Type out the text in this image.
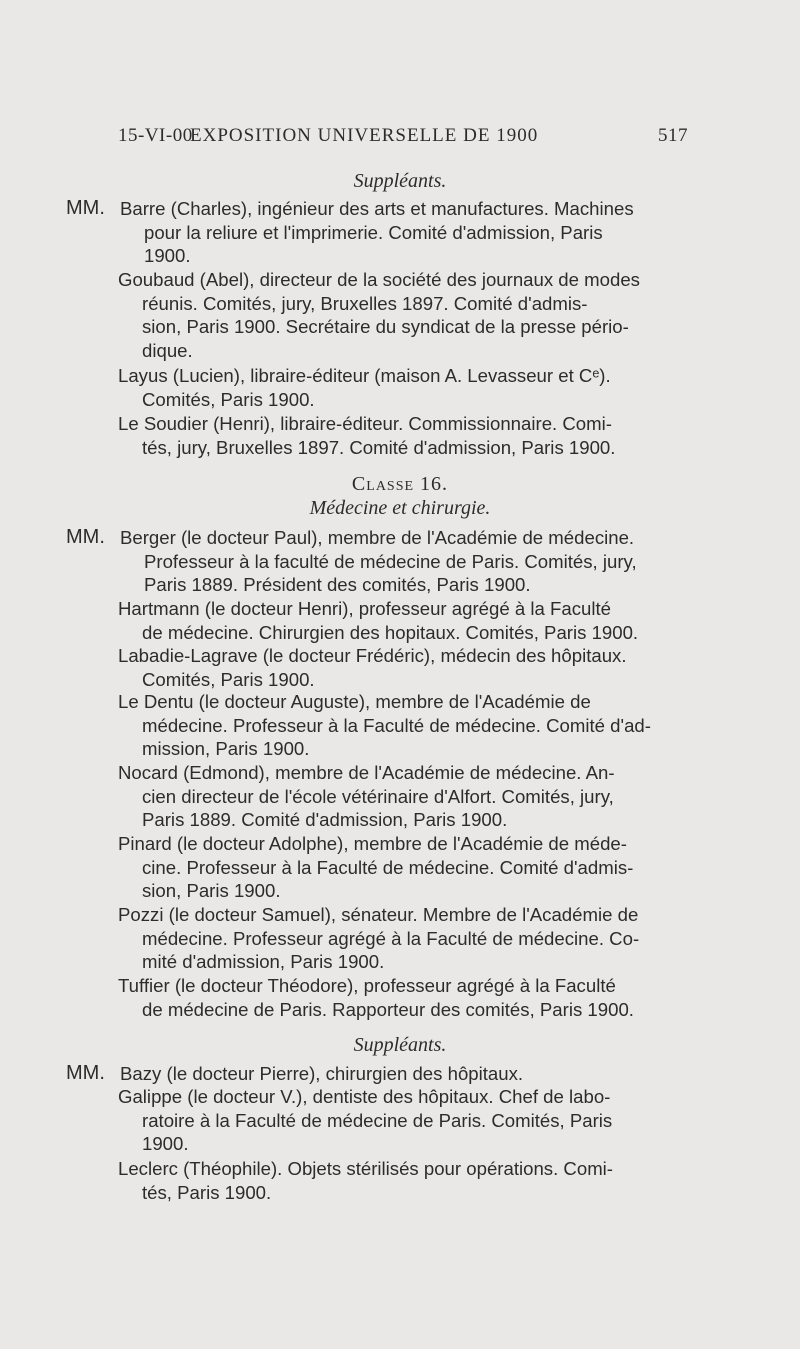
15-VI-00
EXPOSITION UNIVERSELLE DE 1900	517
Suppléants.
MM. Barre (Charles), ingénieur des arts et manufactures. Machines
pour la reliure et l'imprimerie. Comité d'admission, Paris
1900.
Goubaud (Abel), directeur de la société des journaux de modes
réunis. Comités, jury, Bruxelles 1897. Comité d'admis-
sion, Paris 1900. Secrétaire du syndicat de la presse pério-
dique.
Layus (Lucien), libraire-éditeur (maison A. Levasseur et Cᵉ).
Comités, Paris 1900.
Le Soudier (Henri), libraire-éditeur. Commissionnaire. Comi-
tés, jury, Bruxelles 1897. Comité d'admission, Paris 1900.
Classe 16.
Médecine et chirurgie.
MM. Berger (le docteur Paul), membre de l'Académie de médecine.
Professeur à la faculté de médecine de Paris. Comités, jury,
Paris 1889. Président des comités, Paris 1900.
Hartmann (le docteur Henri), professeur agrégé à la Faculté
de médecine. Chirurgien des hopitaux. Comités, Paris 1900.
Labadie-Lagrave (le docteur Frédéric), médecin des hôpitaux.
Comités, Paris 1900.
Le Dentu (le docteur Auguste), membre de l'Académie de
médecine. Professeur à la Faculté de médecine. Comité d'ad-
mission, Paris 1900.
Nocard (Edmond), membre de l'Académie de médecine. An-
cien directeur de l'école vétérinaire d'Alfort. Comités, jury,
Paris 1889. Comité d'admission, Paris 1900.
Pinard (le docteur Adolphe), membre de l'Académie de méde-
cine. Professeur à la Faculté de médecine. Comité d'admis-
sion, Paris 1900.
Pozzi (le docteur Samuel), sénateur. Membre de l'Académie de
médecine. Professeur agrégé à la Faculté de médecine. Co-
mité d'admission, Paris 1900.
Tuffier (le docteur Théodore), professeur agrégé à la Faculté
de médecine de Paris. Rapporteur des comités, Paris 1900.
Suppléants.
MM. Bazy (le docteur Pierre), chirurgien des hôpitaux.
Galippe (le docteur V.), dentiste des hôpitaux. Chef de labo-
ratoire à la Faculté de médecine de Paris. Comités, Paris
1900.
Leclerc (Théophile). Objets stérilisés pour opérations. Comi-
tés, Paris 1900.
